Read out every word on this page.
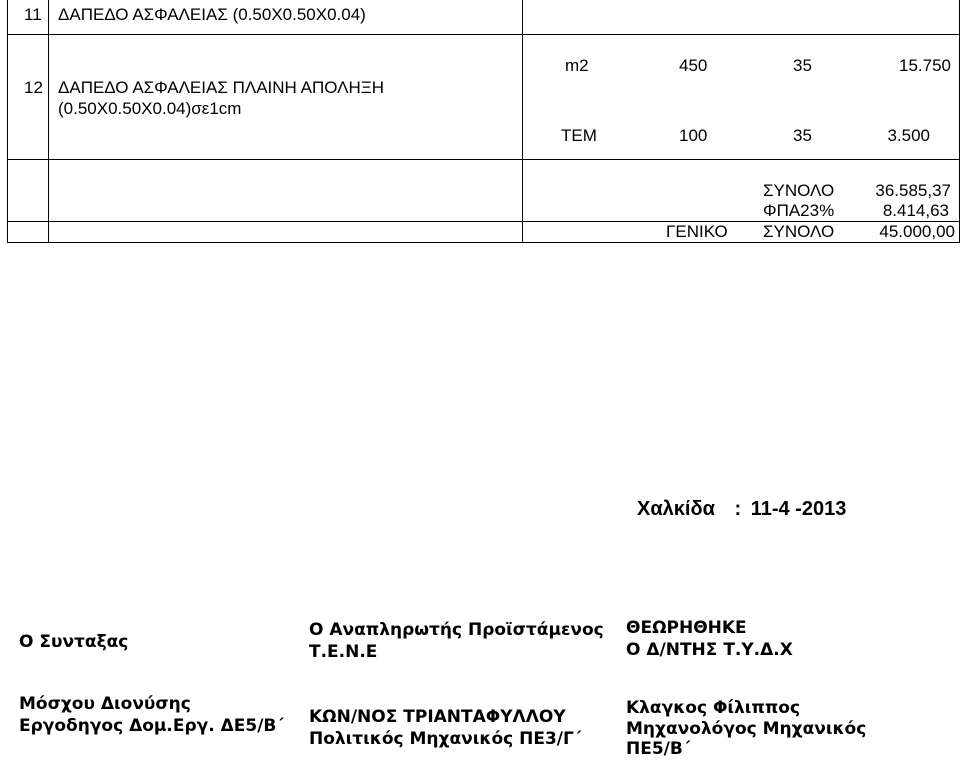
11 ΔΑΠΕΔΟ ΑΣΦΑΛΕΙΑΣ (0.50Χ0.50Χ0.04)
12 ΔΑΠΕΔΟ ΑΣΦΑΛΕΙΑΣ ΠΛΑΙΝΗ ΑΠΟΛΗΞΗ
(0.50Χ0.50Χ0.04)σε1cm
m2	450	35	15.750
ΤΕΜ	100	35	3.500
ΣΥΝΟΛΟ	36.585,37
ΦΠΑ23%	8.414,63
ΓΕΝΙΚΟ ΣΥΝΟΛΟ	45.000,00
Χαλκίδα : 11-4 -2013
Ο Συνταξας
Μόσχου Διονύσης
Εργοδηγος Δομ.Εργ. ΔΕ5/Β΄
Ο Αναπληρωτής Προϊστάμενος
Τ.Ε.Ν.Ε
ΚΩΝ/ΝΟΣ ΤΡΙΑΝΤΑΦΥΛΛΟΥ
Πολιτικός Μηχανικός ΠΕ3/Γ΄
ΘΕΩΡΗΘΗΚΕ
Ο Δ/ΝΤΗΣ Τ.Υ.Δ.Χ
Κλαγκος Φίλιππος
Μηχανολόγος Μηχανικός
ΠΕ5/Β΄
